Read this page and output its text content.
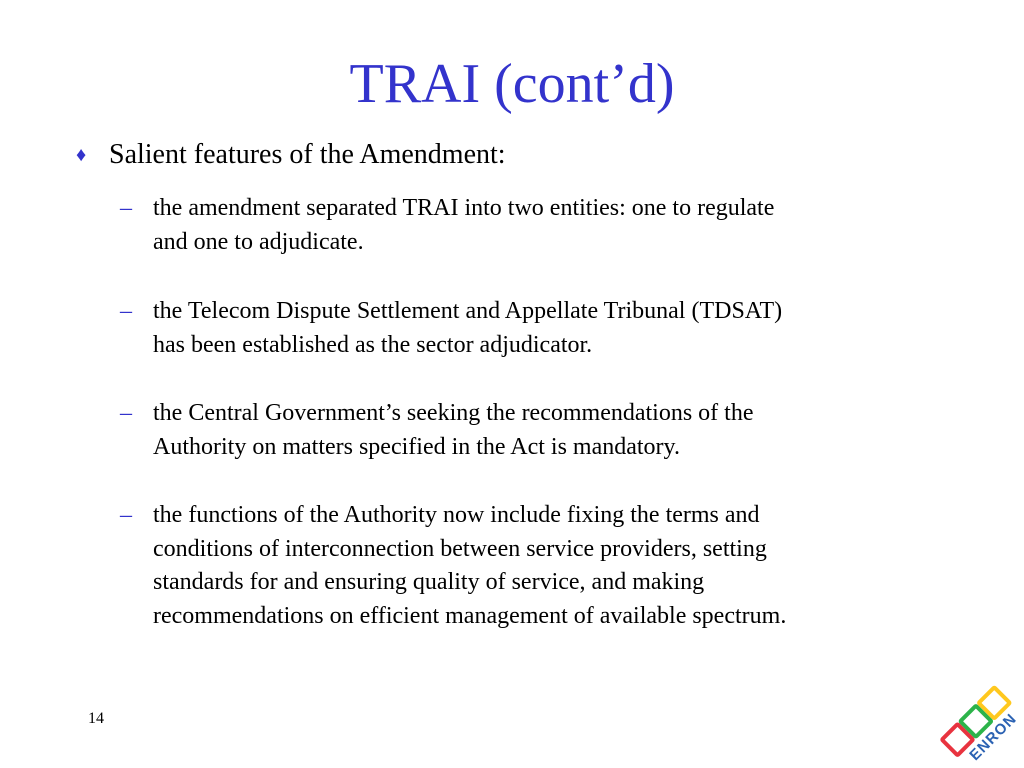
TRAI (cont’d)
♦ Salient features of the Amendment:
– the amendment separated TRAI into two entities: one to regulate
and one to adjudicate.
– the Telecom Dispute Settlement and Appellate Tribunal (TDSAT)
has been established as the sector adjudicator.
– the Central Government’s seeking the recommendations of the
Authority on matters specified in the Act is mandatory.
– the functions of the Authority now include fixing the terms and
conditions of interconnection between service providers, setting
standards for and ensuring quality of service, and making
recommendations on efficient management of available spectrum.
14	ENRON
